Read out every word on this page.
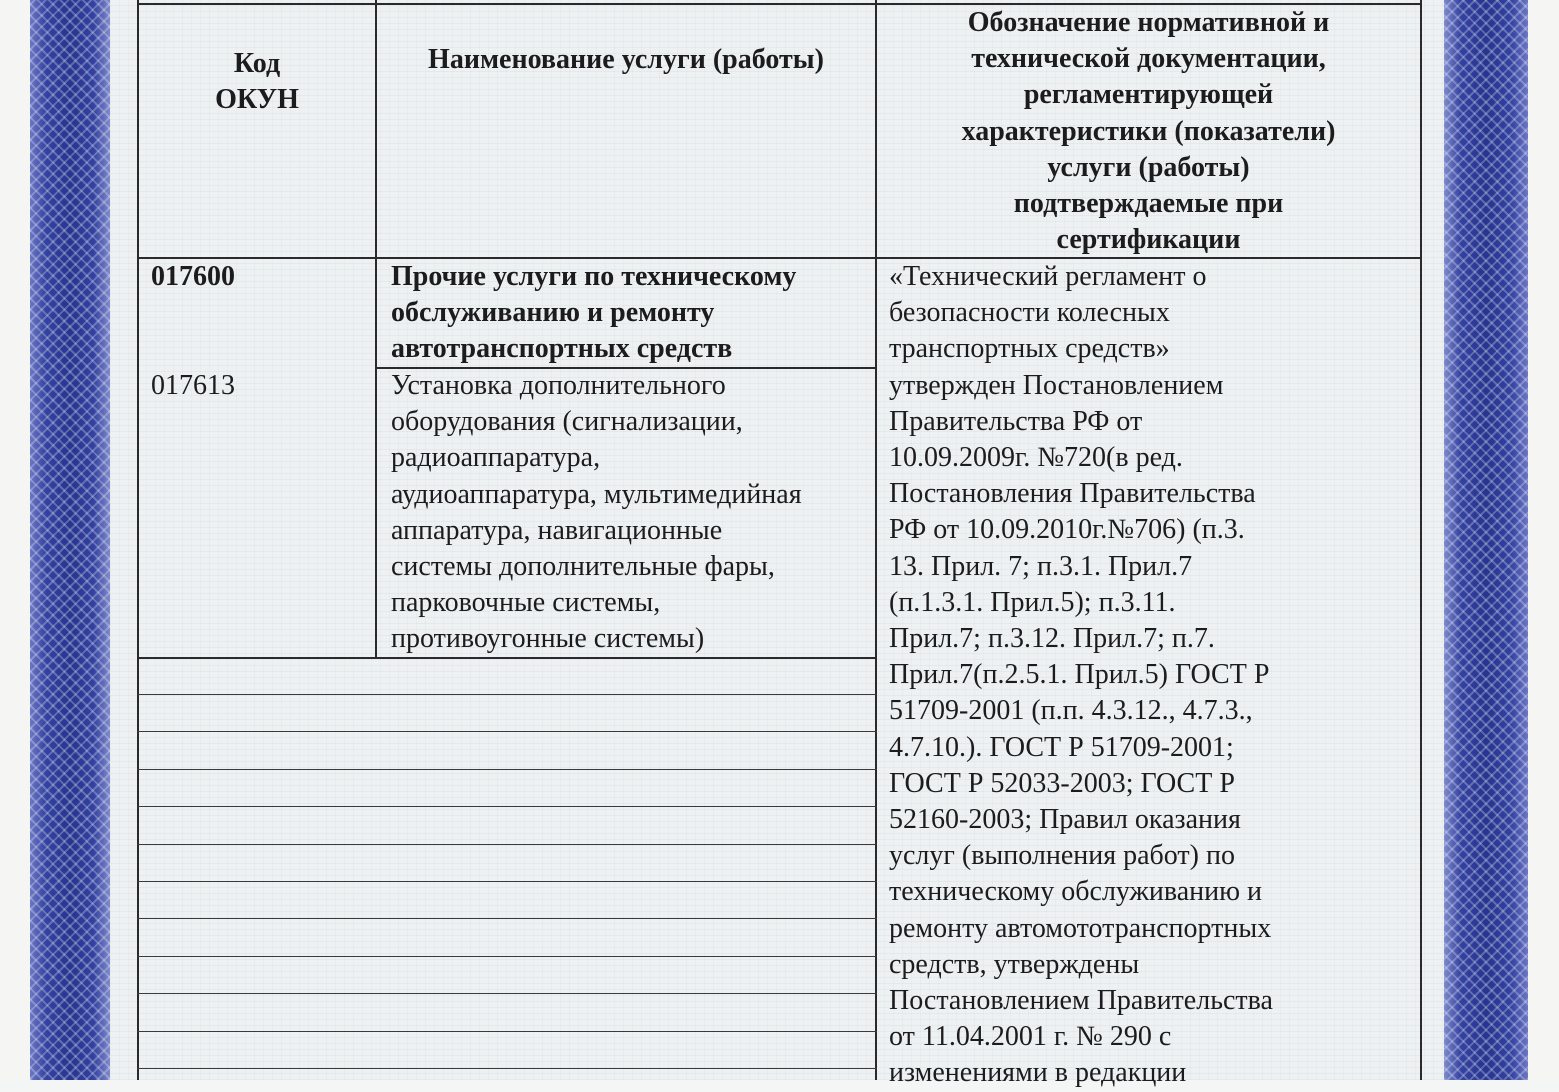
Код
ОКУН
Наименование услуги (работы)
Обозначение нормативной и
технической документации,
регламентирующей
характеристики (показатели)
услуги (работы)
подтверждаемые при
сертификации
017600	Прочие услуги по техническому
обслуживанию и ремонту
автотранспортных средств
017613	Установка дополнительного
оборудования (сигнализации,
радиоаппаратура,
аудиоаппаратура, мультимедийная
аппаратура, навигационные
системы дополнительные фары,
парковочные системы,
противоугонные системы)
«Технический регламент о
безопасности колесных
транспортных средств»
утвержден Постановлением
Правительства РФ от
10.09.2009г. №720(в ред.
Постановления Правительства
РФ от 10.09.2010г.№706) (п.3.
13. Прил. 7; п.3.1. Прил.7
(п.1.3.1. Прил.5); п.3.11.
Прил.7; п.3.12. Прил.7; п.7.
Прил.7(п.2.5.1. Прил.5) ГОСТ Р
51709-2001 (п.п. 4.3.12., 4.7.3.,
4.7.10.). ГОСТ Р 51709-2001;
ГОСТ Р 52033-2003; ГОСТ Р
52160-2003; Правил оказания
услуг (выполнения работ) по
техническому обслуживанию и
ремонту автомототранспортных
средств, утверждены
Постановлением Правительства
от 11.04.2001 г. № 290 с
изменениями в редакции
